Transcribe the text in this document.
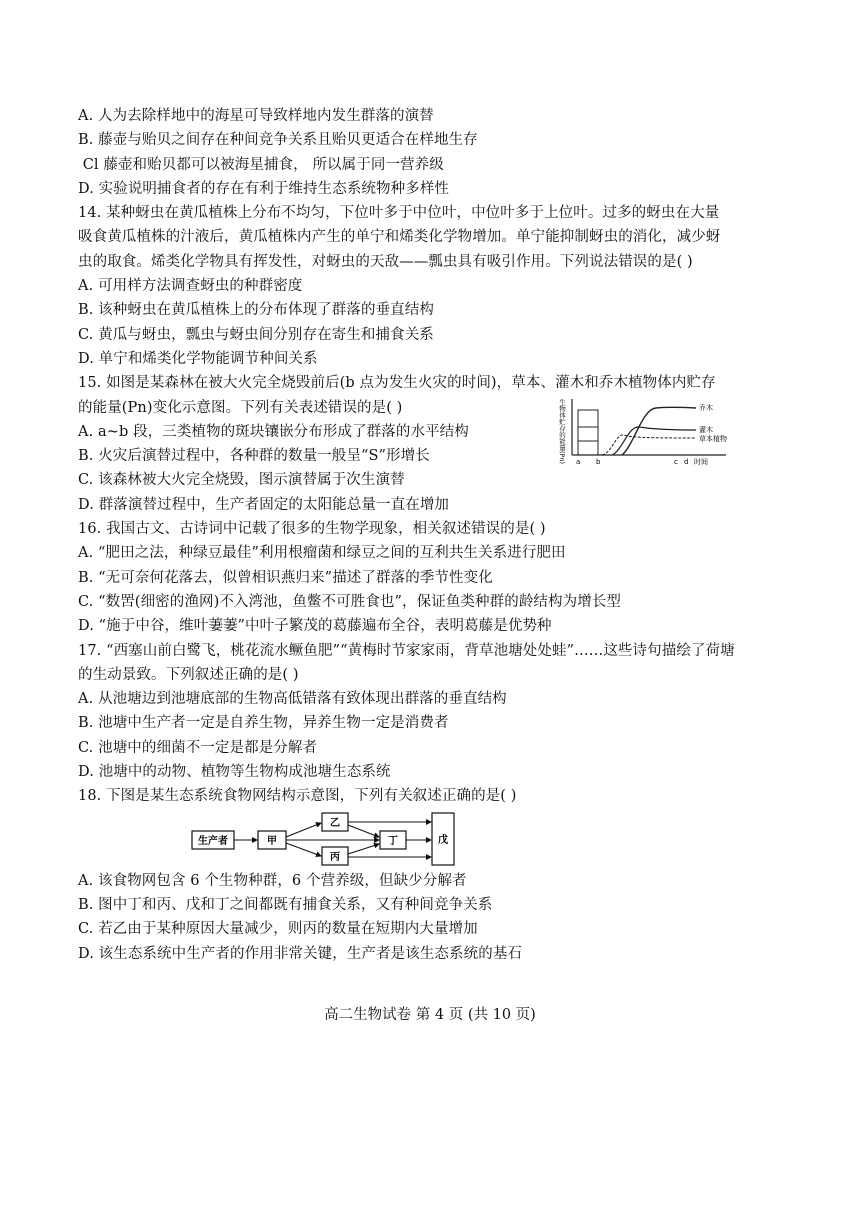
A. 人为去除样地中的海星可导致样地内发生群落的演替
B. 藤壶与贻贝之间存在种间竞争关系且贻贝更适合在样地生存
Cl 藤壶和贻贝都可以被海星捕食， 所以属于同一营养级
D. 实验说明捕食者的存在有利于维持生态系统物种多样性
14. 某种蚜虫在黄瓜植株上分布不均匀，下位叶多于中位叶，中位叶多于上位叶。过多的蚜虫在大量
吸食黄瓜植株的汁液后，黄瓜植株内产生的单宁和烯类化学物增加。单宁能抑制蚜虫的消化，减少蚜
虫的取食。烯类化学物具有挥发性，对蚜虫的天敌——瓢虫具有吸引作用。下列说法错误的是( )
A. 可用样方法调查蚜虫的种群密度
B. 该种蚜虫在黄瓜植株上的分布体现了群落的垂直结构
C. 黄瓜与蚜虫，瓢虫与蚜虫间分别存在寄生和捕食关系
D. 单宁和烯类化学物能调节种间关系
15. 如图是某森林在被大火完全烧毁前后(b 点为发生火灾的时间)，草本、灌木和乔木植物体内贮存
的能量(Pn)变化示意图。下列有关表述错误的是( )
A. a~b 段，三类植物的斑块镶嵌分布形成了群落的水平结构
B. 火灾后演替过程中，各种群的数量一般呈“S”形增长
C. 该森林被大火完全烧毁，图示演替属于次生演替
D. 群落演替过程中，生产者固定的太阳能总量一直在增加
生物体贮存的能量(Pn)	乔木
灌木
草本植物
a b	c d 时间
16. 我国古文、古诗词中记载了很多的生物学现象，相关叙述错误的是( )
A. “肥田之法，种绿豆最佳”利用根瘤菌和绿豆之间的互利共生关系进行肥田
B. “无可奈何花落去，似曾相识燕归来”描述了群落的季节性变化
C. “数罟(细密的渔网)不入湾池，鱼鳖不可胜食也”，保证鱼类种群的龄结构为增长型
D. “施于中谷，维叶萋萋”中叶子繁茂的葛藤遍布全谷，表明葛藤是优势种
17. “西塞山前白鹭飞，桃花流水鳜鱼肥”“黄梅时节家家雨，背草池塘处处蛙”……这些诗句描绘了荷塘
的生动景致。下列叙述正确的是( )
A. 从池塘边到池塘底部的生物高低错落有致体现出群落的垂直结构
B. 池塘中生产者一定是自养生物，异养生物一定是消费者
C. 池塘中的细菌不一定是都是分解者
D. 池塘中的动物、植物等生物构成池塘生态系统
18. 下图是某生态系统食物网结构示意图，下列有关叙述正确的是( )
生产者	甲
乙
丙
丁	戊
A. 该食物网包含 6 个生物种群，6 个营养级，但缺少分解者
B. 图中丁和丙、戊和丁之间都既有捕食关系，又有种间竞争关系
C. 若乙由于某种原因大量减少，则丙的数量在短期内大量增加
D. 该生态系统中生产者的作用非常关键，生产者是该生态系统的基石
高二生物试卷 第 4 页 (共 10 页)
